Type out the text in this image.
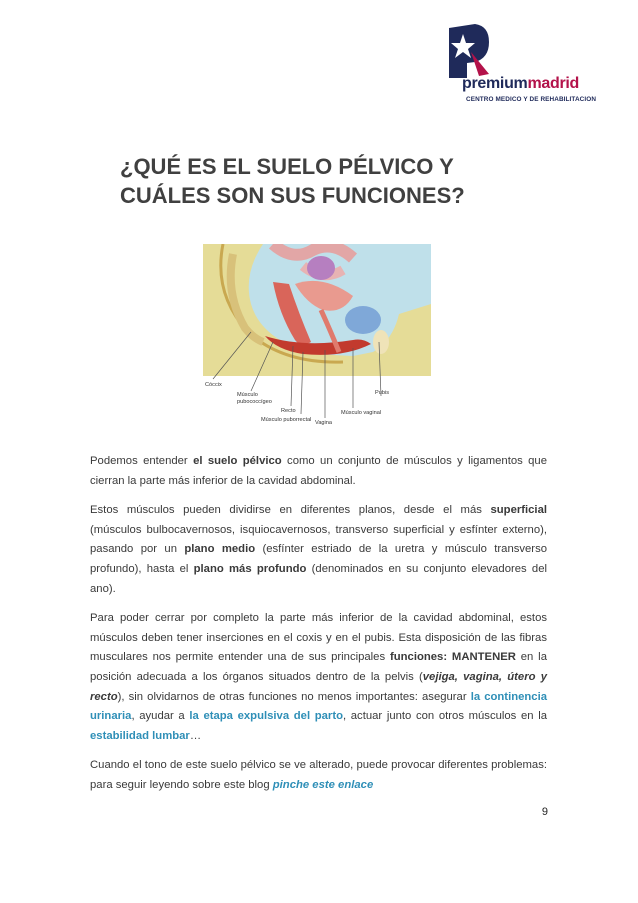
premiummadrid
CENTRO MEDICO Y DE REHABILITACION
¿QUÉ ES EL SUELO PÉLVICO Y
CUÁLES SON SUS FUNCIONES?
Cóccix
Músculo
pubococcígeo
Recto
Músculo puborrectal Vagina
Pubis
Músculo vaginal

Podemos entender el suelo pélvico como un conjunto de músculos y ligamentos que cierran la parte más inferior de la cavidad abdominal.

Estos músculos pueden dividirse en diferentes planos, desde el más superficial (músculos bulbocavernosos, isquiocavernosos, transverso superficial y esfínter externo), pasando por un plano medio (esfínter estriado de la uretra y músculo transverso profundo), hasta el plano más profundo (denominados en su conjunto elevadores del ano).

Para poder cerrar por completo la parte más inferior de la cavidad abdominal, estos músculos deben tener inserciones en el coxis y en el pubis. Esta disposición de las fibras musculares nos permite entender una de sus principales funciones: MANTENER en la posición adecuada a los órganos situados dentro de la pelvis (vejiga, vagina, útero y recto), sin olvidarnos de otras funciones no menos importantes: asegurar la continencia urinaria, ayudar a la etapa expulsiva del parto, actuar junto con otros músculos en la estabilidad lumbar…

Cuando el tono de este suelo pélvico se ve alterado, puede provocar diferentes problemas: para seguir leyendo sobre este blog pinche este enlace

9
